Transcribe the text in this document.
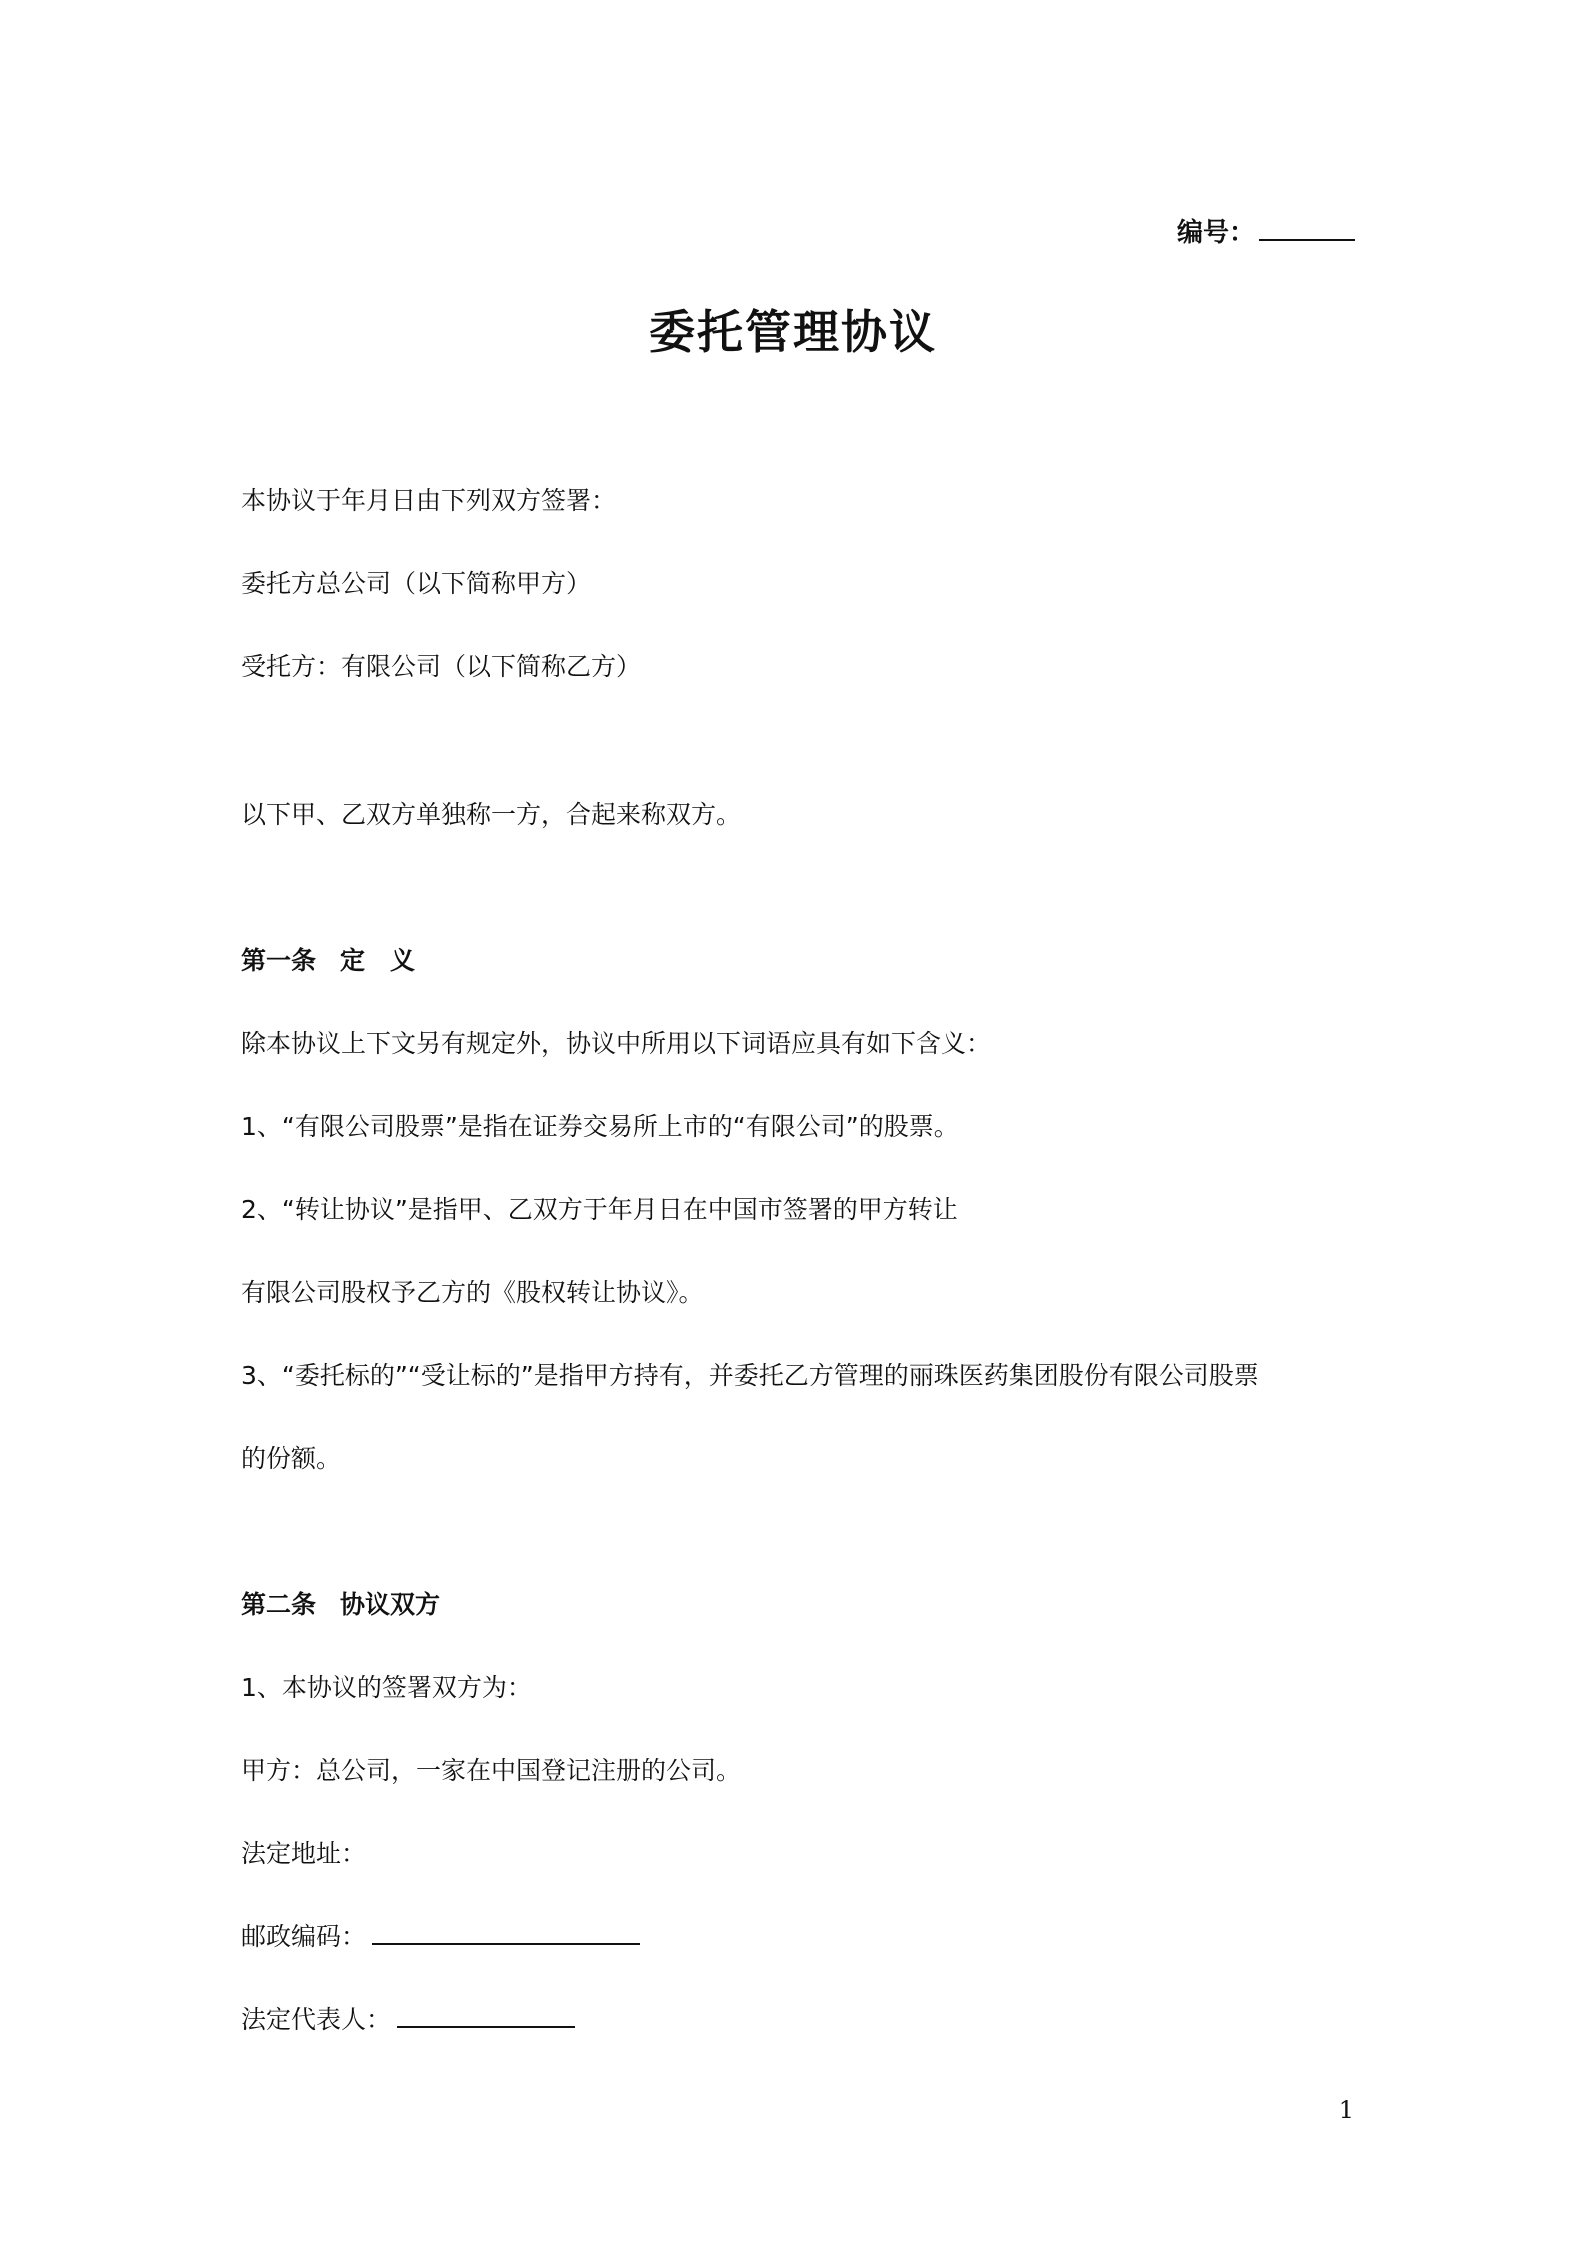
编号：
委托管理协议
本协议于年月日由下列双方签署：
委托方总公司（以下简称甲方）
受托方：有限公司（以下简称乙方）
以下甲、乙双方单独称一方，合起来称双方。
第一条 定　义
除本协议上下文另有规定外，协议中所用以下词语应具有如下含义：
1、“有限公司股票”是指在证券交易所上市的“有限公司”的股票。
2、“转让协议”是指甲、乙双方于年月日在中国市签署的甲方转让
有限公司股权予乙方的《股权转让协议》。
3、“委托标的”“受让标的”是指甲方持有，并委托乙方管理的丽珠医药集团股份有限公司股票
的份额。
第二条 协议双方
1、本协议的签署双方为：
甲方：总公司，一家在中国登记注册的公司。
法定地址：
邮政编码：
法定代表人：
1
